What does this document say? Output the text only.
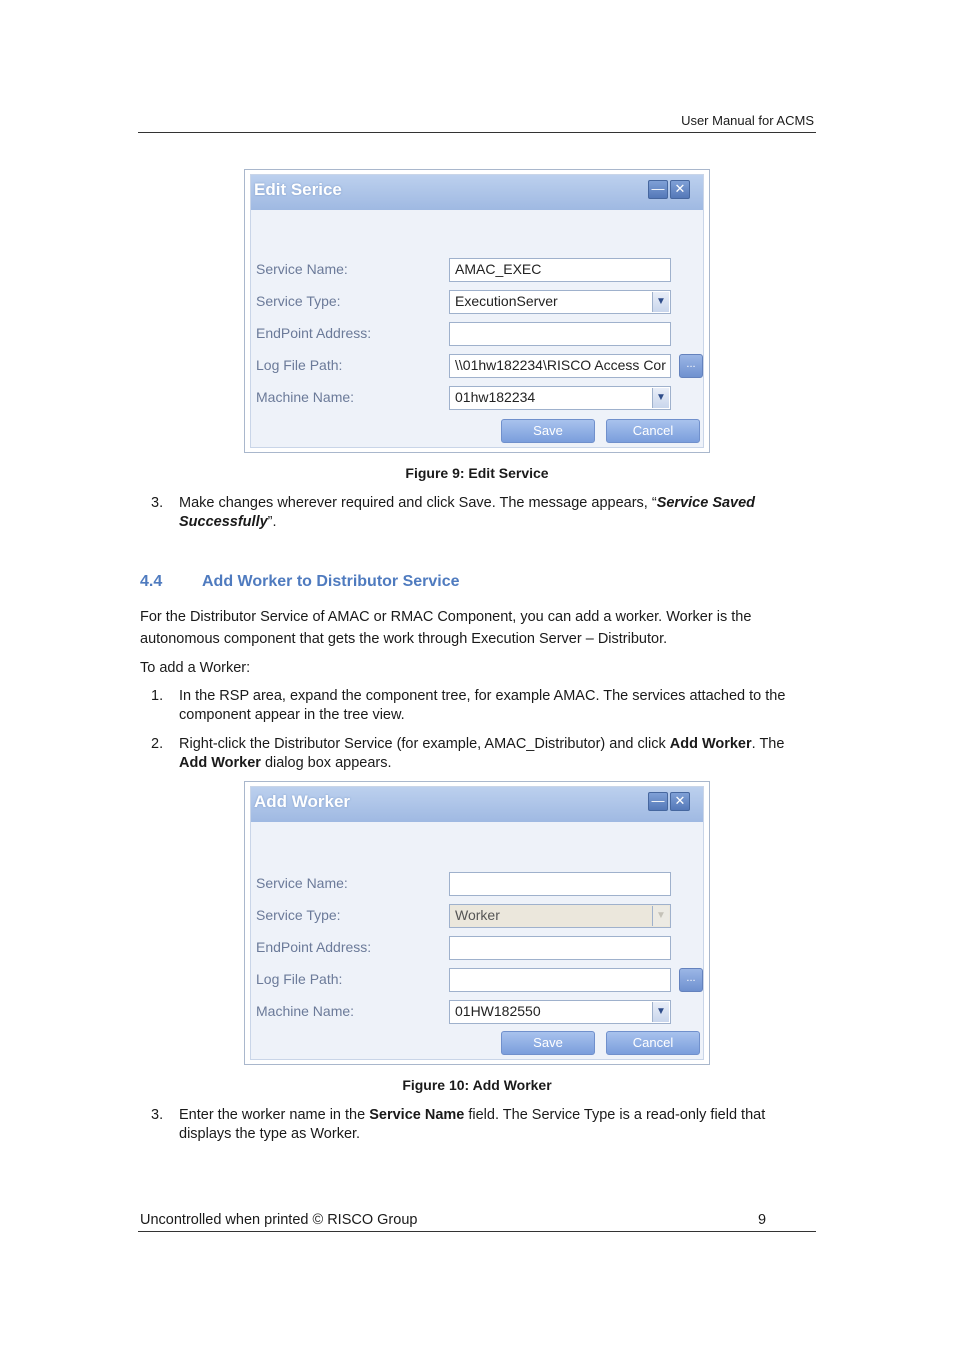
User Manual for ACMS
Edit Serice	— ✕
Service Name:	AMAC_EXEC
Service Type:	ExecutionServer	▼
EndPoint Address:
Log File Path:	\\01hw182234\RISCO Access Cor	...
Machine Name:	01hw182234	▼
Save	Cancel
Figure 9: Edit Service
3. Make changes wherever required and click Save. The message appears, “Service Saved Successfully”.
4.4 Add Worker to Distributor Service
For the Distributor Service of AMAC or RMAC Component, you can add a worker. Worker is the autonomous component that gets the work through Execution Server – Distributor.
To add a Worker:
1. In the RSP area, expand the component tree, for example AMAC. The services attached to the component appear in the tree view.
2. Right-click the Distributor Service (for example, AMAC_Distributor) and click Add Worker. The Add Worker dialog box appears.
Add Worker	— ✕
Service Name:
Service Type:	Worker	▼
EndPoint Address:
Log File Path:	...
Machine Name:	01HW182550	▼
Save	Cancel
Figure 10: Add Worker
3. Enter the worker name in the Service Name field. The Service Type is a read-only field that displays the type as Worker.
Uncontrolled when printed © RISCO Group	9
